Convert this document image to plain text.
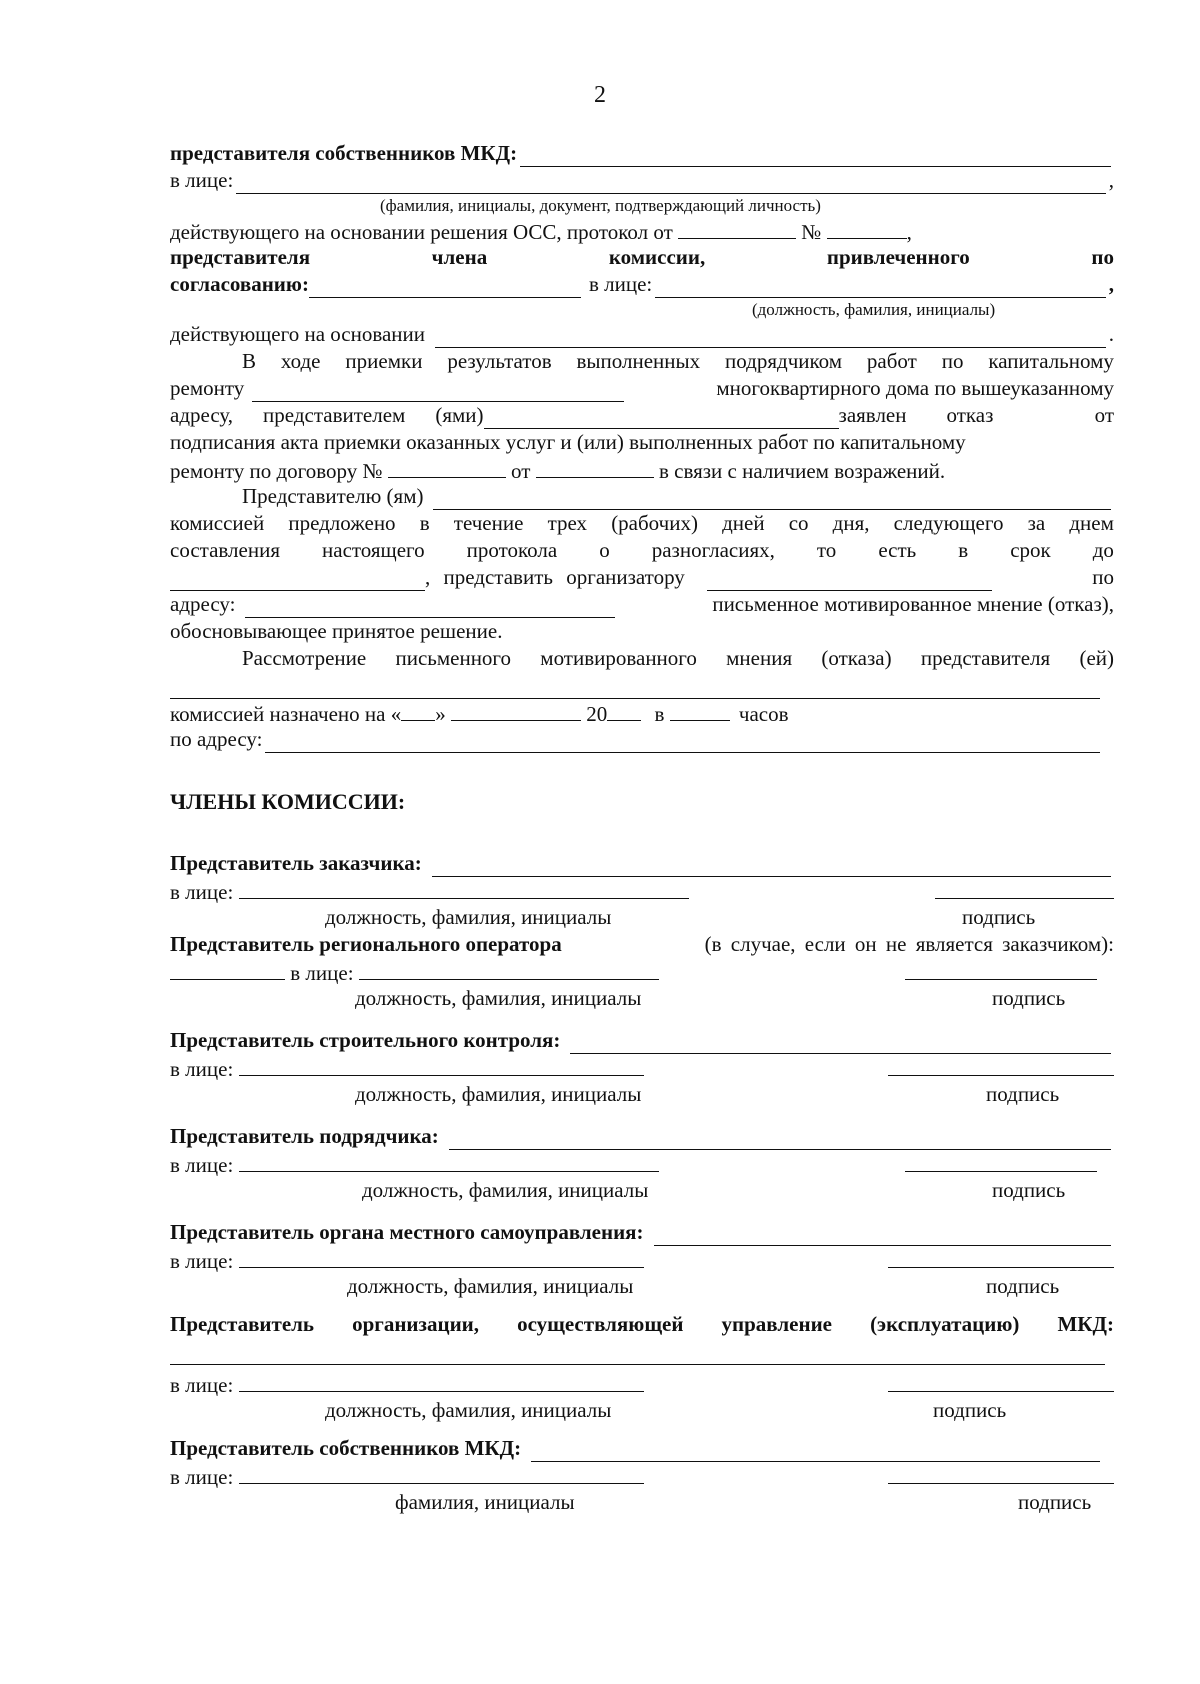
2
представителя собственников МКД:
в лице:	,
(фамилия, инициалы, документ, подтверждающий личность)
действующего на основании решения ОСС, протокол от	№	,
представителя	члена	комиссии,	привлеченного	по
согласованию:	в лице:	,
(должность, фамилия, инициалы)
действующего на основании	.
В ходе приемки результатов выполненных подрядчиком работ по капитальному
ремонту	многоквартирного дома по вышеуказанному
адресу, представителем (ями)	заявлен отказ	от
подписания акта приемки оказанных услуг и (или) выполненных работ по капитальному
ремонту по договору №	от	в связи с наличием возражений.
Представителю (ям)
комиссией предложено в течение трех (рабочих) дней со дня, следующего за днем
составления настоящего протокола о разногласиях, то есть в срок до
, представить организатору	по
адресу:	письменное мотивированное мнение (отказ),
обосновывающее принятое решение.
Рассмотрение письменного мотивированного мнения (отказа) представителя (ей)
комиссией назначено на « »	20 в	часов
по адресу:
ЧЛЕНЫ КОМИССИИ:
Представитель заказчика:
в лице:
должность, фамилия, инициалы	подпись
Представитель регионального оператора	(в случае, если он не является заказчиком):
в лице:
должность, фамилия, инициалы	подпись
Представитель строительного контроля:
в лице:
должность, фамилия, инициалы	подпись
Представитель подрядчика:
в лице:
должность, фамилия, инициалы	подпись
Представитель органа местного самоуправления:
в лице:
должность, фамилия, инициалы	подпись
Представитель организации, осуществляющей управление (эксплуатацию) МКД:
в лице:
должность, фамилия, инициалы	подпись
Представитель собственников МКД:
в лице:
фамилия, инициалы	подпись
